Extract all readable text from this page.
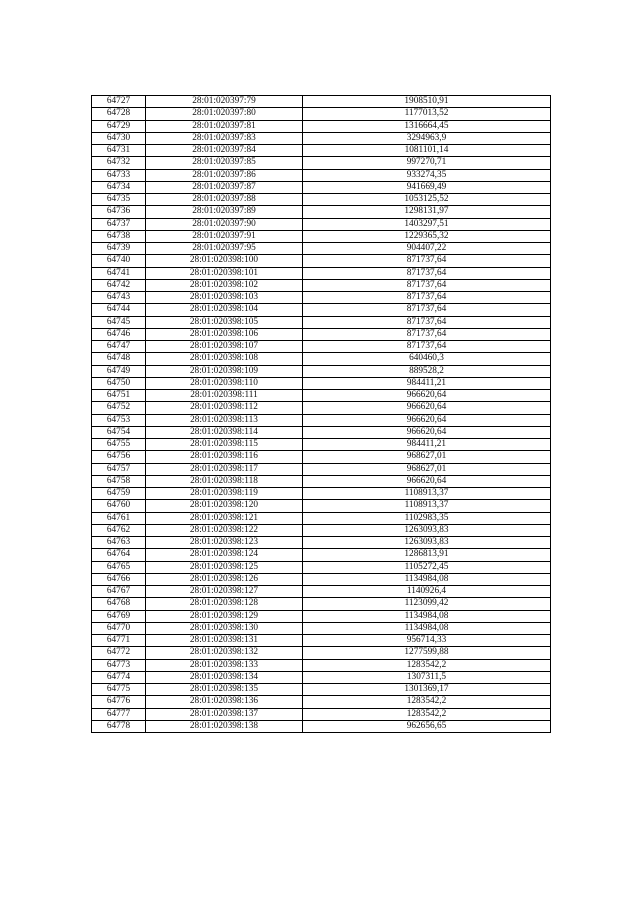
64727	28:01:020397:79	1908510,91
64728	28:01:020397:80	1177013,52
64729	28:01:020397:81	1316664,45
64730	28:01:020397:83	3294963,9
64731	28:01:020397:84	1081101,14
64732	28:01:020397:85	997270,71
64733	28:01:020397:86	933274,35
64734	28:01:020397:87	941669,49
64735	28:01:020397:88	1053125,52
64736	28:01:020397:89	1298131,97
64737	28:01:020397:90	1403297,51
64738	28:01:020397:91	1229365,32
64739	28:01:020397:95	904407,22
64740	28:01:020398:100	871737,64
64741	28:01:020398:101	871737,64
64742	28:01:020398:102	871737,64
64743	28:01:020398:103	871737,64
64744	28:01:020398:104	871737,64
64745	28:01:020398:105	871737,64
64746	28:01:020398:106	871737,64
64747	28:01:020398:107	871737,64
64748	28:01:020398:108	640460,3
64749	28:01:020398:109	889528,2
64750	28:01:020398:110	984411,21
64751	28:01:020398:111	966620,64
64752	28:01:020398:112	966620,64
64753	28:01:020398:113	966620,64
64754	28:01:020398:114	966620,64
64755	28:01:020398:115	984411,21
64756	28:01:020398:116	968627,01
64757	28:01:020398:117	968627,01
64758	28:01:020398:118	966620,64
64759	28:01:020398:119	1108913,37
64760	28:01:020398:120	1108913,37
64761	28:01:020398:121	1102983,35
64762	28:01:020398:122	1263093,83
64763	28:01:020398:123	1263093,83
64764	28:01:020398:124	1286813,91
64765	28:01:020398:125	1105272,45
64766	28:01:020398:126	1134984,08
64767	28:01:020398:127	1140926,4
64768	28:01:020398:128	1123099,42
64769	28:01:020398:129	1134984,08
64770	28:01:020398:130	1134984,08
64771	28:01:020398:131	956714,33
64772	28:01:020398:132	1277599,88
64773	28:01:020398:133	1283542,2
64774	28:01:020398:134	1307311,5
64775	28:01:020398:135	1301369,17
64776	28:01:020398:136	1283542,2
64777	28:01:020398:137	1283542,2
64778	28:01:020398:138	962656,65
